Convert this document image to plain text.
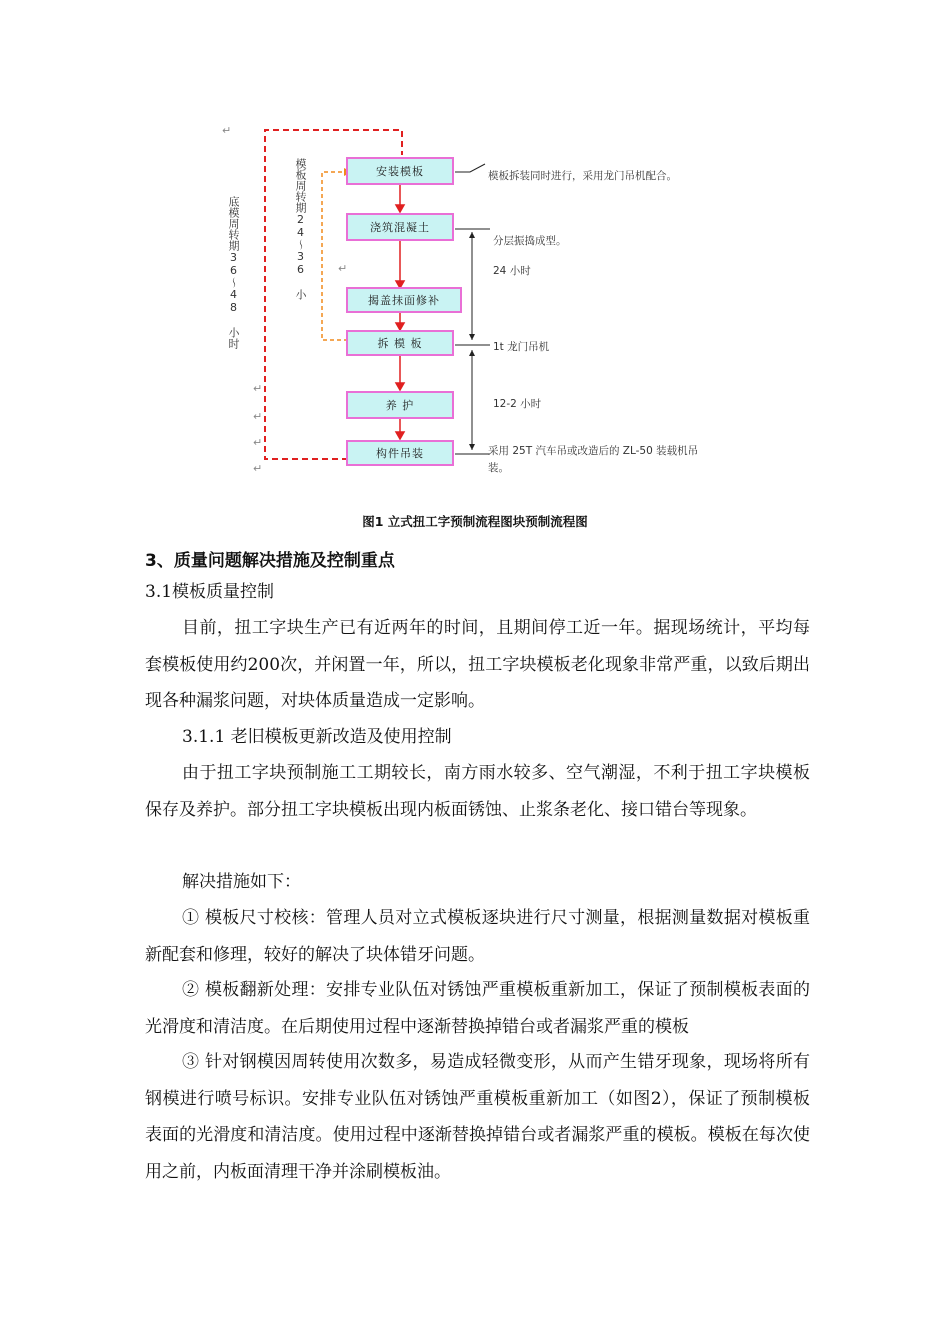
↵
↵
↵
↵
↵
↵
安装模板
浇筑混凝土
揭盖抹面修补
拆 模 板
养 护
构件吊装
模板拆装同时进行，采用龙门吊机配合。
分层振捣成型。
24 小时
1t 龙门吊机
12-2 小时
采用 25T 汽车吊或改造后的 ZL-50 装载机吊
装。
底模周转期36～48 小时	模板周转期24～36 小
图1 立式扭工字预制流程图块预制流程图
3、质量问题解决措施及控制重点
3.1模板质量控制
目前，扭工字块生产已有近两年的时间，且期间停工近一年。据现场统计，平均每套模板使用约200次，并闲置一年，所以，扭工字块模板老化现象非常严重，以致后期出现各种漏浆问题，对块体质量造成一定影响。
3.1.1 老旧模板更新改造及使用控制
由于扭工字块预制施工工期较长，南方雨水较多、空气潮湿，不利于扭工字块模板保存及养护。部分扭工字块模板出现内板面锈蚀、止浆条老化、接口错台等现象。
解决措施如下：
① 模板尺寸校核：管理人员对立式模板逐块进行尺寸测量，根据测量数据对模板重新配套和修理，较好的解决了块体错牙问题。
② 模板翻新处理：安排专业队伍对锈蚀严重模板重新加工，保证了预制模板表面的光滑度和清洁度。在后期使用过程中逐渐替换掉错台或者漏浆严重的模板
③ 针对钢模因周转使用次数多，易造成轻微变形，从而产生错牙现象，现场将所有钢模进行喷号标识。安排专业队伍对锈蚀严重模板重新加工（如图2），保证了预制模板表面的光滑度和清洁度。使用过程中逐渐替换掉错台或者漏浆严重的模板。模板在每次使用之前，内板面清理干净并涂刷模板油。
